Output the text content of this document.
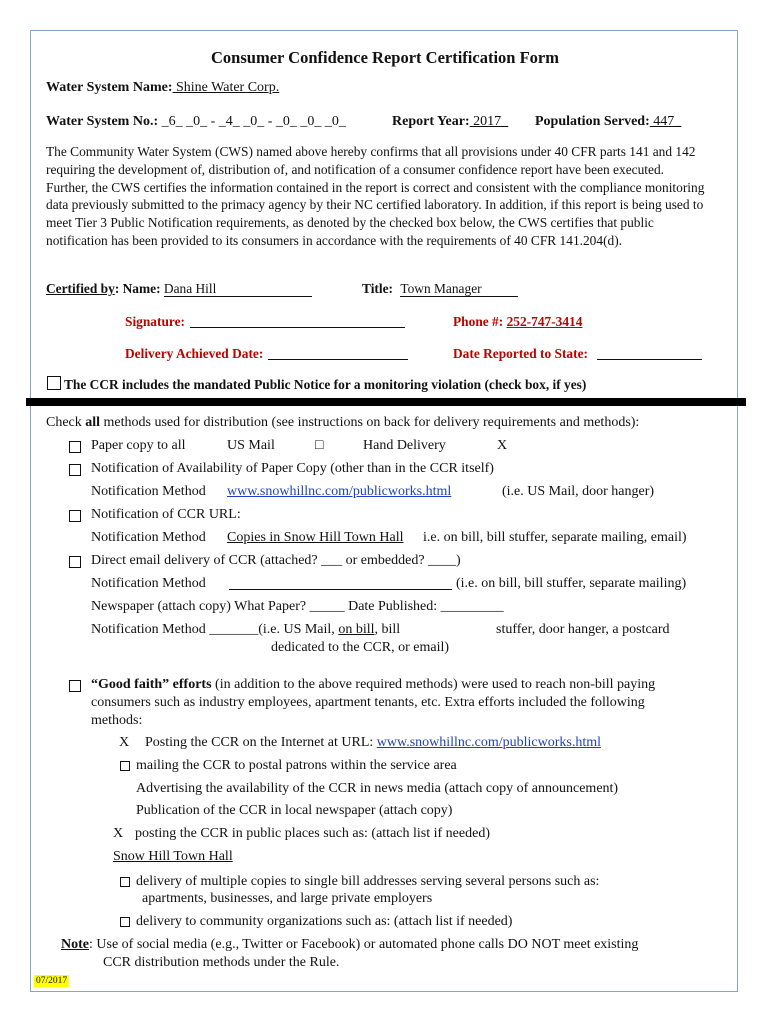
Consumer Confidence Report Certification Form
Water System Name: Shine Water Corp.
Water System No.: _6_ _0_ - _4_ _0_ - _0_ _0_ _0_	Report Year: 2017_ Population Served: 447_
The Community Water System (CWS) named above hereby confirms that all provisions under 40 CFR parts 141 and 142 requiring the development of, distribution of, and notification of a consumer confidence report have been executed. Further, the CWS certifies the information contained in the report is correct and consistent with the compliance monitoring data previously submitted to the primacy agency by their NC certified laboratory. In addition, if this report is being used to meet Tier 3 Public Notification requirements, as denoted by the checked box below, the CWS certifies that public notification has been provided to its consumers in accordance with the requirements of 40 CFR 141.204(d).
Certified by: Name: Dana Hill	Title: Town Manager
Signature:	Phone #: 252-747-3414
Delivery Achieved Date:	Date Reported to State:
The CCR includes the mandated Public Notice for a monitoring violation (check box, if yes)
Check all methods used for distribution (see instructions on back for delivery requirements and methods):
Paper copy to all	US Mail	□	Hand Delivery	X
Notification of Availability of Paper Copy (other than in the CCR itself)
Notification Method www.snowhillnc.com/publicworks.html	(i.e. US Mail, door hanger)
Notification of CCR URL:
Notification Method Copies in Snow Hill Town Hall i.e. on bill, bill stuffer, separate mailing, email)
Direct email delivery of CCR (attached? ___ or embedded? ____)
Notification Method	(i.e. on bill, bill stuffer, separate mailing)
Newspaper (attach copy) What Paper? _____ Date Published: _________
Notification Method _______(i.e. US Mail, on bill, bill	stuffer, door hanger, a postcard
dedicated to the CCR, or email)
“Good faith” efforts (in addition to the above required methods) were used to reach non-bill paying
consumers such as industry employees, apartment tenants, etc. Extra efforts included the following
methods:
X Posting the CCR on the Internet at URL: www.snowhillnc.com/publicworks.html
mailing the CCR to postal patrons within the service area
Advertising the availability of the CCR in news media (attach copy of announcement)
Publication of the CCR in local newspaper (attach copy)
X posting the CCR in public places such as: (attach list if needed)
Snow Hill Town Hall
delivery of multiple copies to single bill addresses serving several persons such as:
apartments, businesses, and large private employers
delivery to community organizations such as: (attach list if needed)
Note: Use of social media (e.g., Twitter or Facebook) or automated phone calls DO NOT meet existing
CCR distribution methods under the Rule.
07/2017
